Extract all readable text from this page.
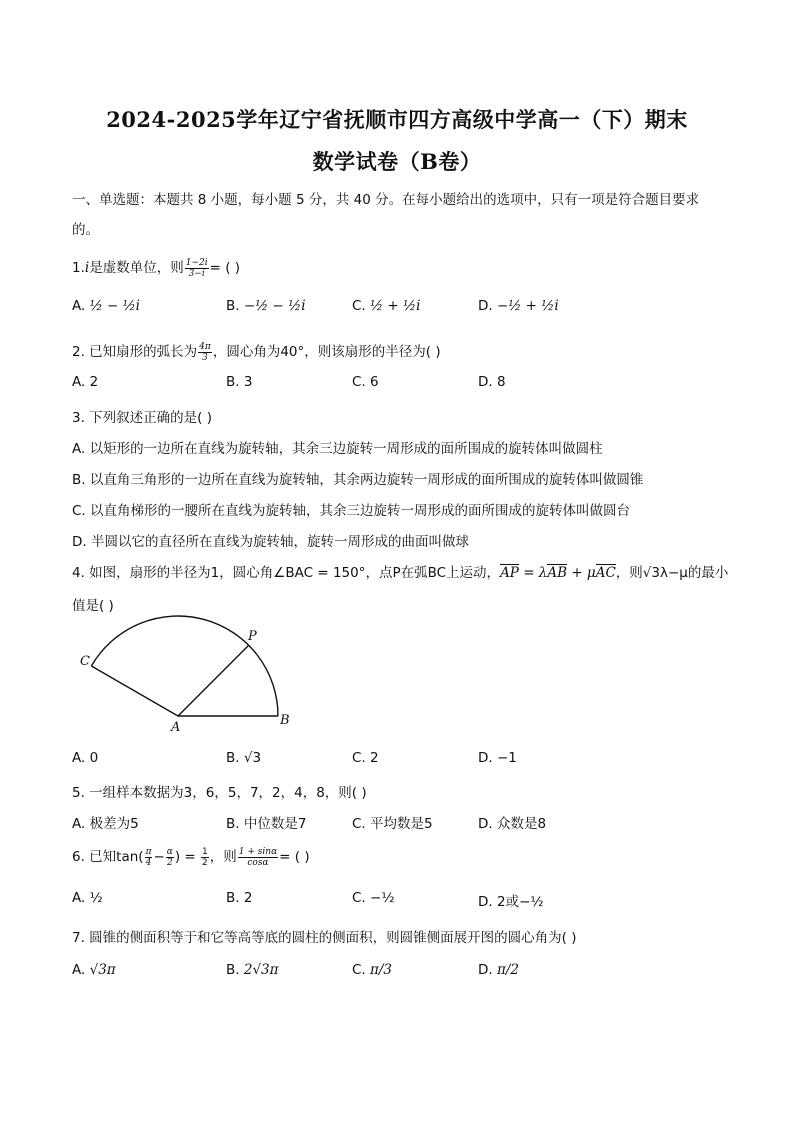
2024-2025学年辽宁省抚顺市四方高级中学高一（下）期末
数学试卷（B卷）
一、单选题：本题共 8 小题，每小题 5 分，共 40 分。在每小题给出的选项中，只有一项是符合题目要求
的。
1.i是虚数单位，则 $\frac{1-2i}{3-i}$ = ( )
A. ½ − ½i	B. −½ − ½i	C. ½ + ½i	D. −½ + ½i
2. 已知扇形的弧长为 $\frac{4\pi}{3}$ ，圆心角为40°，则该扇形的半径为( )
A. 2	B. 3	C. 6	D. 8
3. 下列叙述正确的是( )
A. 以矩形的一边所在直线为旋转轴，其余三边旋转一周形成的面所围成的旋转体叫做圆柱
B. 以直角三角形的一边所在直线为旋转轴，其余两边旋转一周形成的面所围成的旋转体叫做圆锥
C. 以直角梯形的一腰所在直线为旋转轴，其余三边旋转一周形成的面所围成的旋转体叫做圆台
D. 半圆以它的直径所在直线为旋转轴，旋转一周形成的曲面叫做球
4. 如图，扇形的半径为1，圆心角∠BAC = 150°，点P在弧BC上运动，AP = λAB + μAC，则√3λ−μ的最小
值是( )
A	B
C
P
A. 0	B. √3	C. 2	D. −1
5. 一组样本数据为3，6，5，7，2，4，8，则( )
A. 极差为5	B. 中位数是7	C. 平均数是5	D. 众数是8
6. 已知$\tan( \frac{\pi}{4} - \frac{\alpha}{2}$ ) = $\frac{1}{2}$ ，则 $\frac{1 + \sin\alpha}{\cos\alpha}$ = ( )
A. ½	B. 2	C. −½	D. 2或−½
7. 圆锥的侧面积等于和它等高等底的圆柱的侧面积，则圆锥侧面展开图的圆心角为( )
A. √3π	B. 2√3π	C. π/3	D. π/2
